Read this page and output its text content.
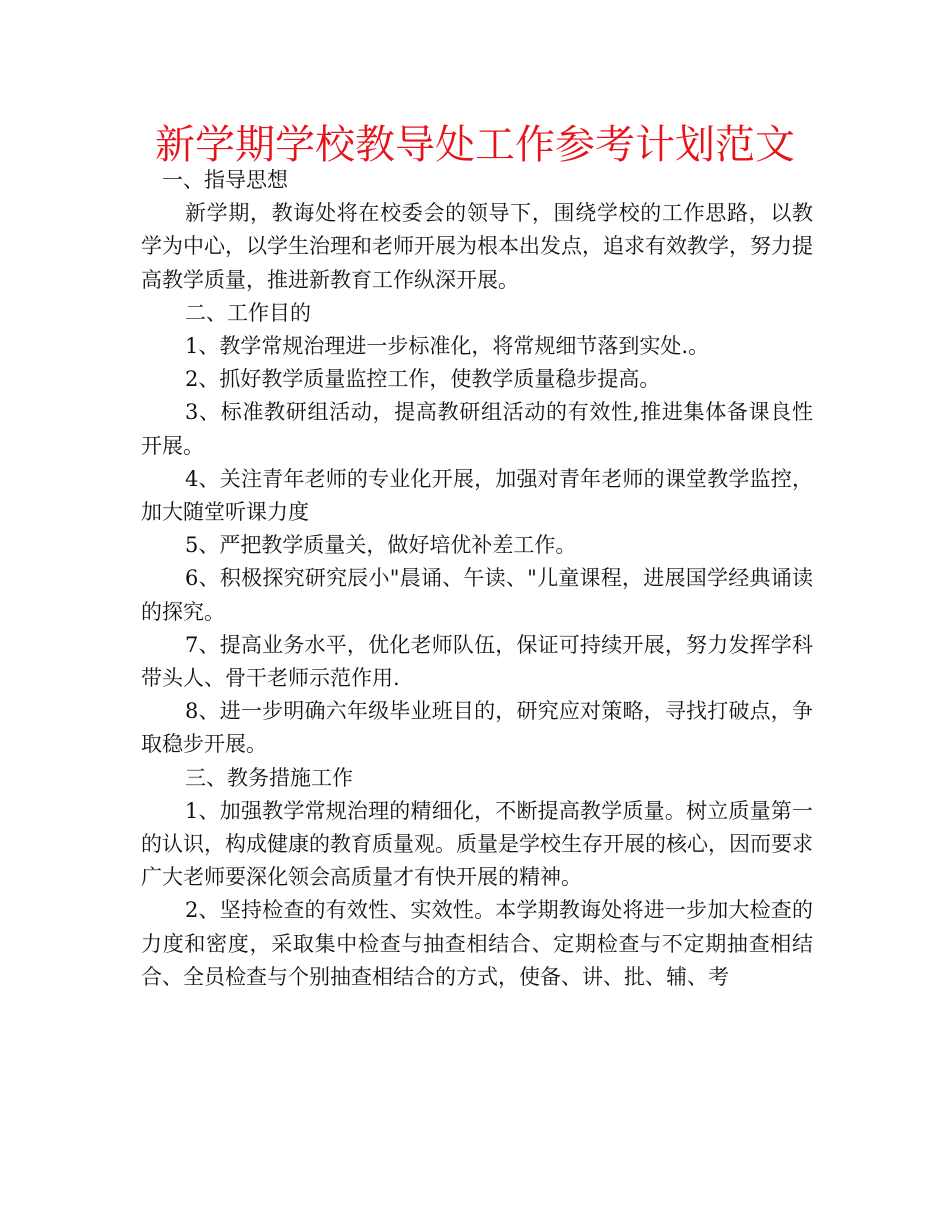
新学期学校教导处工作参考计划范文

一、指导思想

新学期，教诲处将在校委会的领导下，围绕学校的工作思路，以教学为中心，以学生治理和老师开展为根本出发点，追求有效教学，努力提高教学质量，推进新教育工作纵深开展。

二、工作目的

1、教学常规治理进一步标准化，将常规细节落到实处.。

2、抓好教学质量监控工作，使教学质量稳步提高。

3、标准教研组活动，提高教研组活动的有效性,推进集体备课良性开展。

4、关注青年老师的专业化开展，加强对青年老师的课堂教学监控，加大随堂听课力度

5、严把教学质量关，做好培优补差工作。

6、积极探究研究辰小"晨诵、午读、"儿童课程，进展国学经典诵读的探究。

7、提高业务水平，优化老师队伍，保证可持续开展，努力发挥学科带头人、骨干老师示范作用.

8、进一步明确六年级毕业班目的，研究应对策略，寻找打破点，争取稳步开展。

三、教务措施工作

1、加强教学常规治理的精细化，不断提高教学质量。树立质量第一的认识，构成健康的教育质量观。质量是学校生存开展的核心，因而要求广大老师要深化领会高质量才有快开展的精神。

2、坚持检查的有效性、实效性。本学期教诲处将进一步加大检查的力度和密度，采取集中检查与抽查相结合、定期检查与不定期抽查相结合、全员检查与个别抽查相结合的方式，使备、讲、批、辅、考
